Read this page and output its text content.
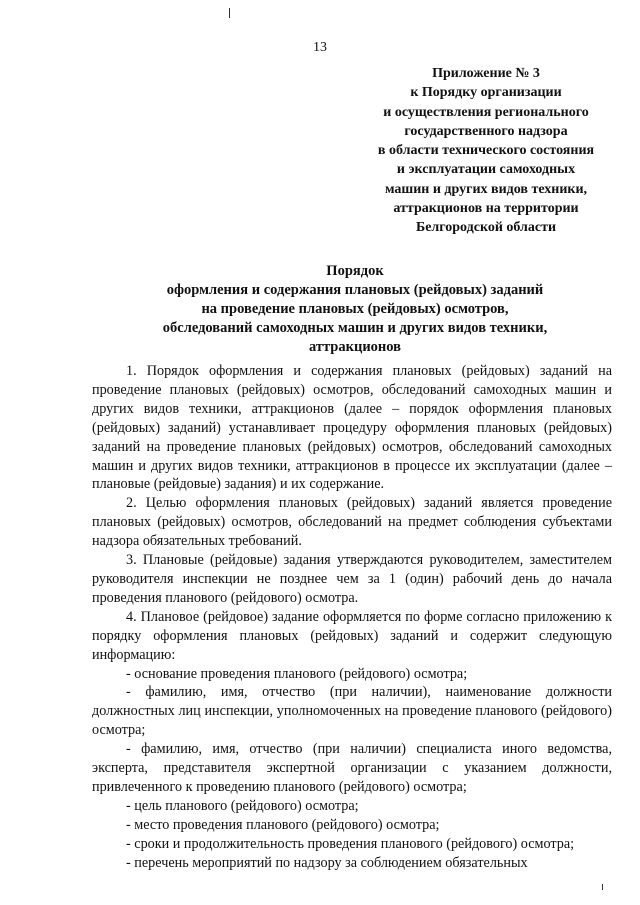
13
Приложение № 3
к Порядку организации
и осуществления регионального
государственного надзора
в области технического состояния
и эксплуатации самоходных
машин и других видов техники,
аттракционов на территории
Белгородской области
Порядок
оформления и содержания плановых (рейдовых) заданий
на проведение плановых (рейдовых) осмотров,
обследований самоходных машин и других видов техники,
аттракционов

1. Порядок оформления и содержания плановых (рейдовых) заданий на проведение плановых (рейдовых) осмотров, обследований самоходных машин и других видов техники, аттракционов (далее – порядок оформления плановых (рейдовых) заданий) устанавливает процедуру оформления плановых (рейдовых) заданий на проведение плановых (рейдовых) осмотров, обследований самоходных машин и других видов техники, аттракционов в процессе их эксплуатации (далее – плановые (рейдовые) задания) и их содержание.

2. Целью оформления плановых (рейдовых) заданий является проведение плановых (рейдовых) осмотров, обследований на предмет соблюдения субъектами надзора обязательных требований.

3. Плановые (рейдовые) задания утверждаются руководителем, заместителем руководителя инспекции не позднее чем за 1 (один) рабочий день до начала проведения планового (рейдового) осмотра.

4. Плановое (рейдовое) задание оформляется по форме согласно приложению к порядку оформления плановых (рейдовых) заданий и содержит следующую информацию:

- основание проведения планового (рейдового) осмотра;

- фамилию, имя, отчество (при наличии), наименование должности должностных лиц инспекции, уполномоченных на проведение планового (рейдового) осмотра;

- фамилию, имя, отчество (при наличии) специалиста иного ведомства, эксперта, представителя экспертной организации с указанием должности, привлеченного к проведению планового (рейдового) осмотра;

- цель планового (рейдового) осмотра;

- место проведения планового (рейдового) осмотра;

- сроки и продолжительность проведения планового (рейдового) осмотра;

- перечень мероприятий по надзору за соблюдением обязательных
